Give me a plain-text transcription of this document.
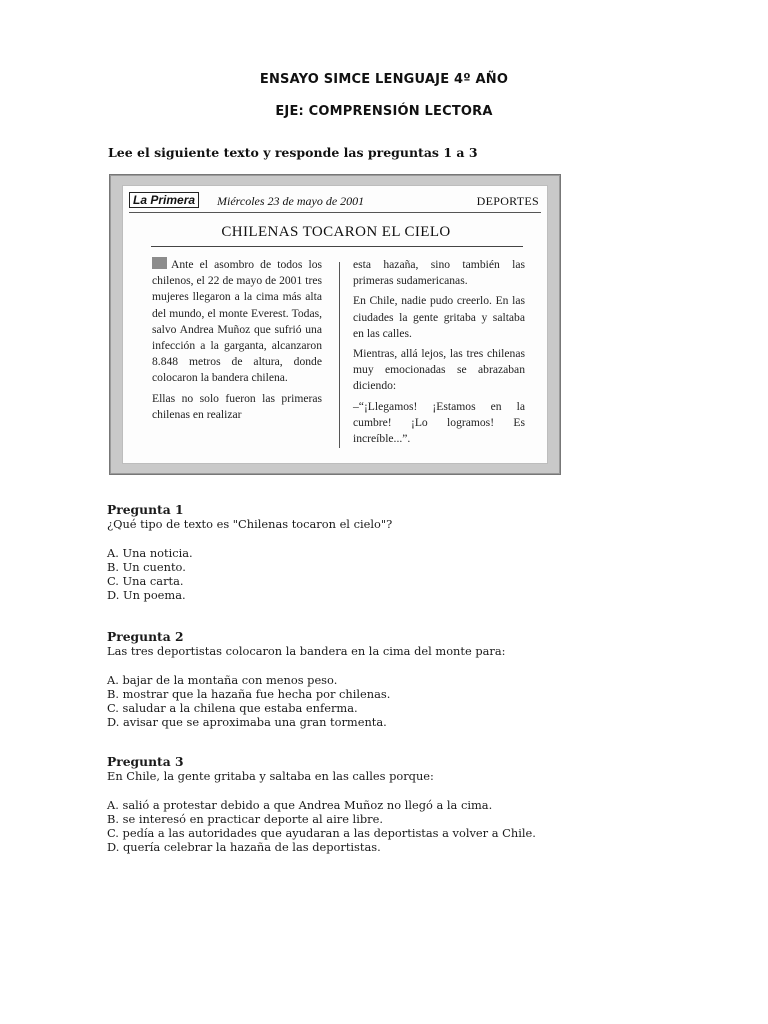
ENSAYO SIMCE LENGUAJE 4º AÑO
EJE: COMPRENSIÓN LECTORA
Lee el siguiente texto y responde las preguntas 1 a 3
La Primera	Miércoles 23 de mayo de 2001	DEPORTES
CHILENAS TOCARON EL CIELO

Ante el asombro de todos los chilenos, el 22 de mayo de 2001 tres mujeres llegaron a la cima más alta del mundo, el monte Everest. Todas, salvo Andrea Muñoz que sufrió una infección a la garganta, alcanzaron 8.848 metros de altura, donde colocaron la bandera chilena.

Ellas no solo fueron las primeras chilenas en realizar

esta hazaña, sino también las primeras sudamericanas.

En Chile, nadie pudo creerlo. En las ciudades la gente gritaba y saltaba en las calles.

Mientras, allá lejos, las tres chilenas muy emocionadas se abrazaban diciendo:

–“¡Llegamos! ¡Estamos en la cumbre! ¡Lo logramos! Es increíble...”.

Pregunta 1

¿Qué tipo de texto es "Chilenas tocaron el cielo"?

A. Una noticia.
B. Un cuento.
C. Una carta.
D. Un poema.

Pregunta 2

Las tres deportistas colocaron la bandera en la cima del monte para:

A. bajar de la montaña con menos peso.
B. mostrar que la hazaña fue hecha por chilenas.
C. saludar a la chilena que estaba enferma.
D. avisar que se aproximaba una gran tormenta.

Pregunta 3

En Chile, la gente gritaba y saltaba en las calles porque:

A. salió a protestar debido a que Andrea Muñoz no llegó a la cima.
B. se interesó en practicar deporte al aire libre.
C. pedía a las autoridades que ayudaran a las deportistas a volver a Chile.
D. quería celebrar la hazaña de las deportistas.
